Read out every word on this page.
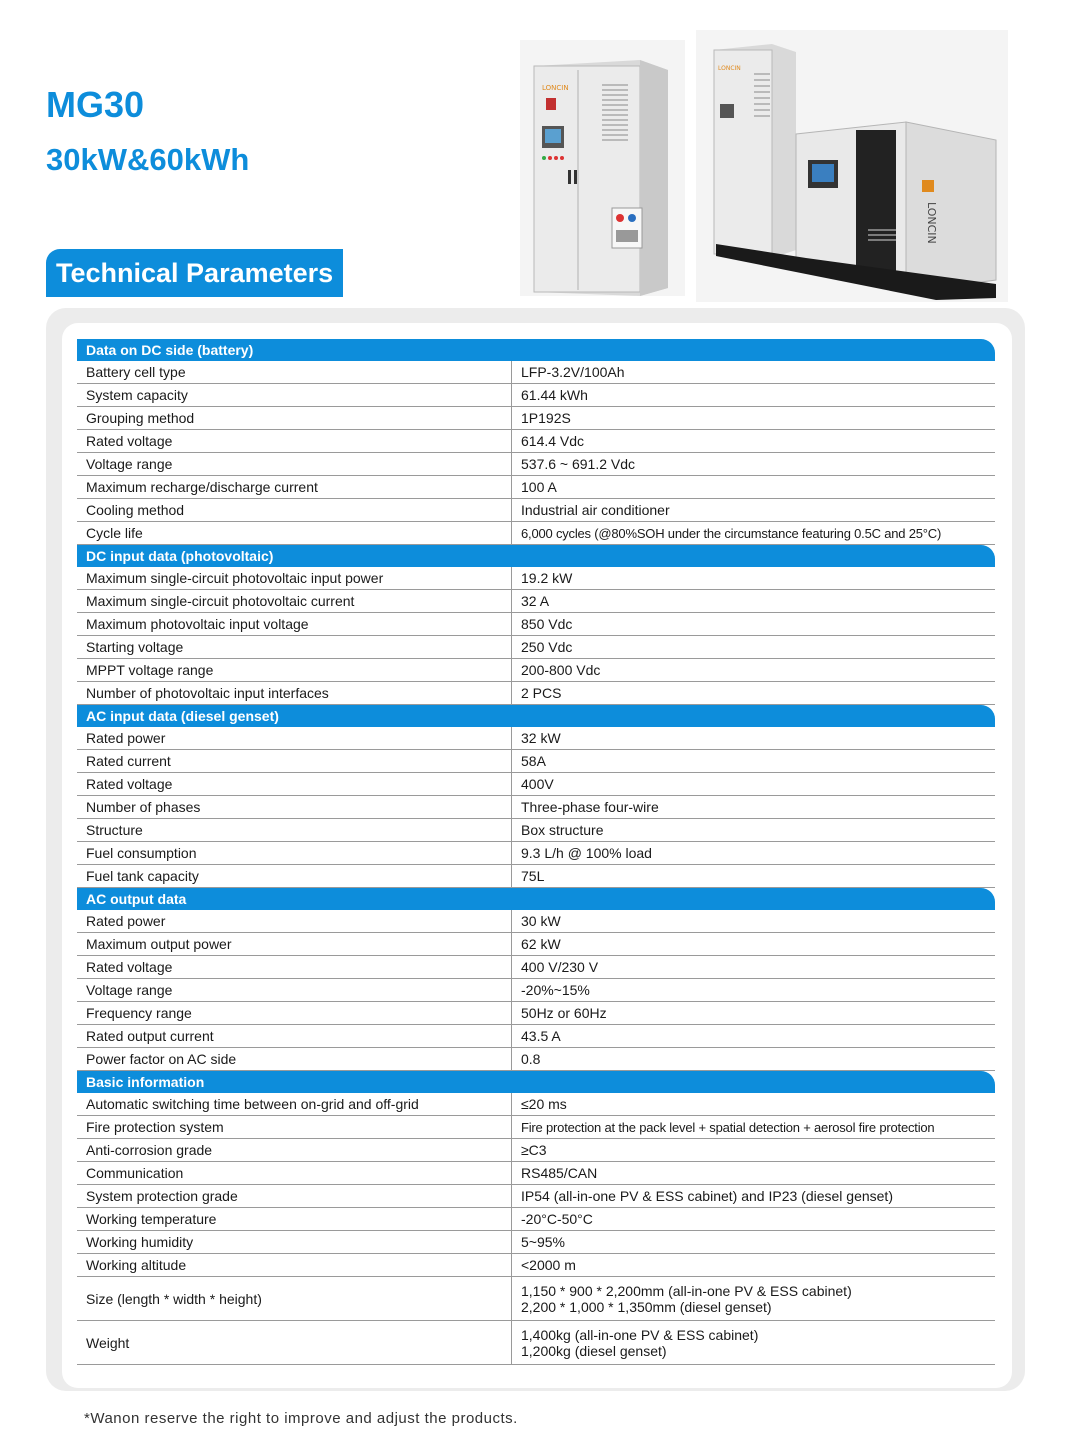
MG30
30kW&60kWh
Technical Parameters
LONCIN
LONCIN
LONCIN
Data on DC side (battery)
Battery cell type	LFP-3.2V/100Ah
System capacity	61.44 kWh
Grouping method	1P192S
Rated voltage	614.4 Vdc
Voltage range	537.6 ~ 691.2 Vdc
Maximum recharge/discharge current	100 A
Cooling method	Industrial air conditioner
Cycle life	6,000 cycles (@80%SOH under the circumstance featuring 0.5C and 25°C)
DC input data (photovoltaic)
Maximum single-circuit photovoltaic input power	19.2 kW
Maximum single-circuit photovoltaic current	32 A
Maximum photovoltaic input voltage	850 Vdc
Starting voltage	250 Vdc
MPPT voltage range	200-800 Vdc
Number of photovoltaic input interfaces	2 PCS
AC input data (diesel genset)
Rated power	32 kW
Rated current	58A
Rated voltage	400V
Number of phases	Three-phase four-wire
Structure	Box structure
Fuel consumption	9.3 L/h @ 100% load
Fuel tank capacity	75L
AC output data
Rated power	30 kW
Maximum output power	62 kW
Rated voltage	400 V/230 V
Voltage range	-20%~15%
Frequency range	50Hz or 60Hz
Rated output current	43.5 A
Power factor on AC side	0.8
Basic information
Automatic switching time between on-grid and off-grid	≤20 ms
Fire protection system	Fire protection at the pack level + spatial detection + aerosol fire protection
Anti-corrosion grade	≥C3
Communication	RS485/CAN
System protection grade	IP54 (all-in-one PV & ESS cabinet) and IP23 (diesel genset)
Working temperature	-20°C-50°C
Working humidity	5~95%
Working altitude	<2000 m
Size (length * width * height)	1,150 * 900 * 2,200mm (all-in-one PV & ESS cabinet)
2,200 * 1,000 * 1,350mm (diesel genset)
Weight	1,400kg (all-in-one PV & ESS cabinet)
1,200kg (diesel genset)
*Wanon reserve the right to improve and adjust the products.
